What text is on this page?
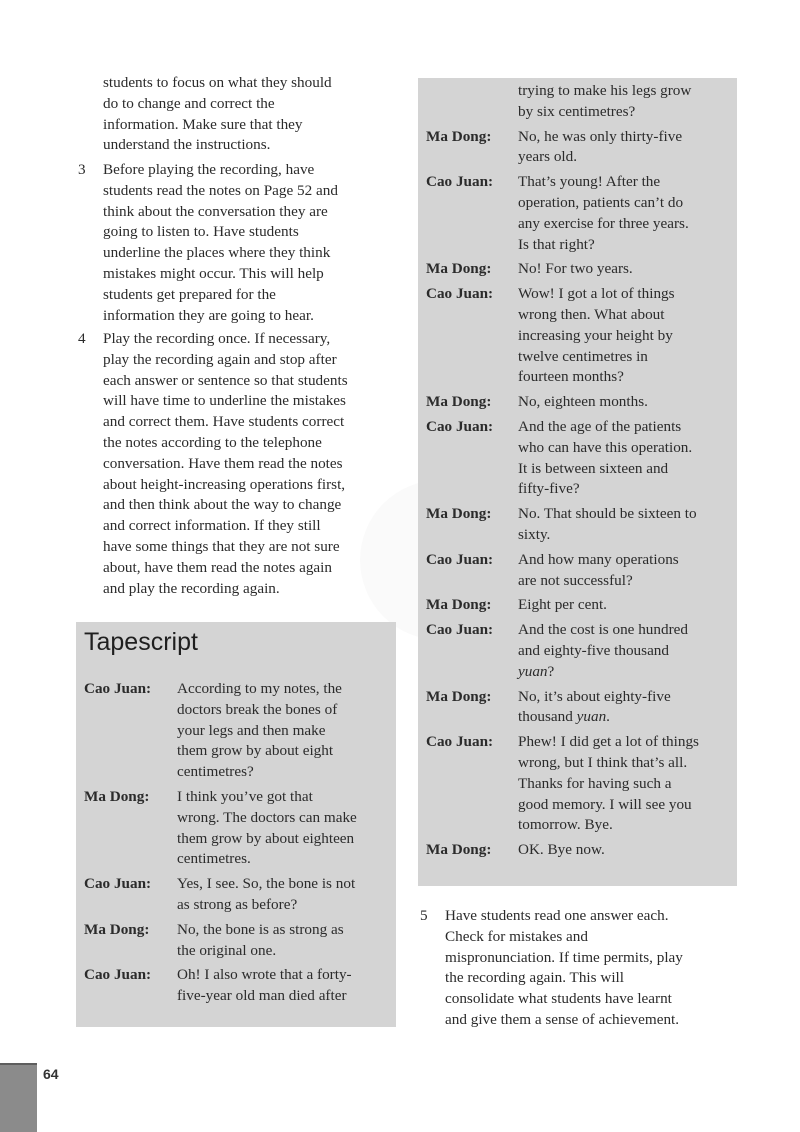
students to focus on what they should
do to change and correct the
information. Make sure that they
understand the instructions.
3	Before playing the recording, have
students read the notes on Page 52 and
think about the conversation they are
going to listen to. Have students
underline the places where they think
mistakes might occur. This will help
students get prepared for the
information they are going to hear.
4	Play the recording once. If necessary,
play the recording again and stop after
each answer or sentence so that students
will have time to underline the mistakes
and correct them. Have students correct
the notes according to the telephone
conversation. Have them read the notes
about height-increasing operations first,
and then think about the way to change
and correct information. If they still
have some things that they are not sure
about, have them read the notes again
and play the recording again.
Tapescript
Cao Juan: According to my notes, the
doctors break the bones of
your legs and then make
them grow by about eight
centimetres?
Ma Dong: I think you’ve got that
wrong. The doctors can make
them grow by about eighteen
centimetres.
Cao Juan: Yes, I see. So, the bone is not
as strong as before?
Ma Dong: No, the bone is as strong as
the original one.
Cao Juan: Oh! I also wrote that a forty-
five-year old man died after
trying to make his legs grow
by six centimetres?
Ma Dong: No, he was only thirty-five
years old.
Cao Juan: That’s young! After the
operation, patients can’t do
any exercise for three years.
Is that right?
Ma Dong: No! For two years.
Cao Juan: Wow! I got a lot of things
wrong then. What about
increasing your height by
twelve centimetres in
fourteen months?
Ma Dong: No, eighteen months.
Cao Juan: And the age of the patients
who can have this operation.
It is between sixteen and
fifty-five?
Ma Dong: No. That should be sixteen to
sixty.
Cao Juan: And how many operations
are not successful?
Ma Dong: Eight per cent.
Cao Juan: And the cost is one hundred
and eighty-five thousand
yuan?
Ma Dong: No, it’s about eighty-five
thousand yuan.
Cao Juan: Phew! I did get a lot of things
wrong, but I think that’s all.
Thanks for having such a
good memory. I will see you
tomorrow. Bye.
Ma Dong: OK. Bye now.
5 Have students read one answer each.
Check for mistakes and
mispronunciation. If time permits, play
the recording again. This will
consolidate what students have learnt
and give them a sense of achievement.
64
